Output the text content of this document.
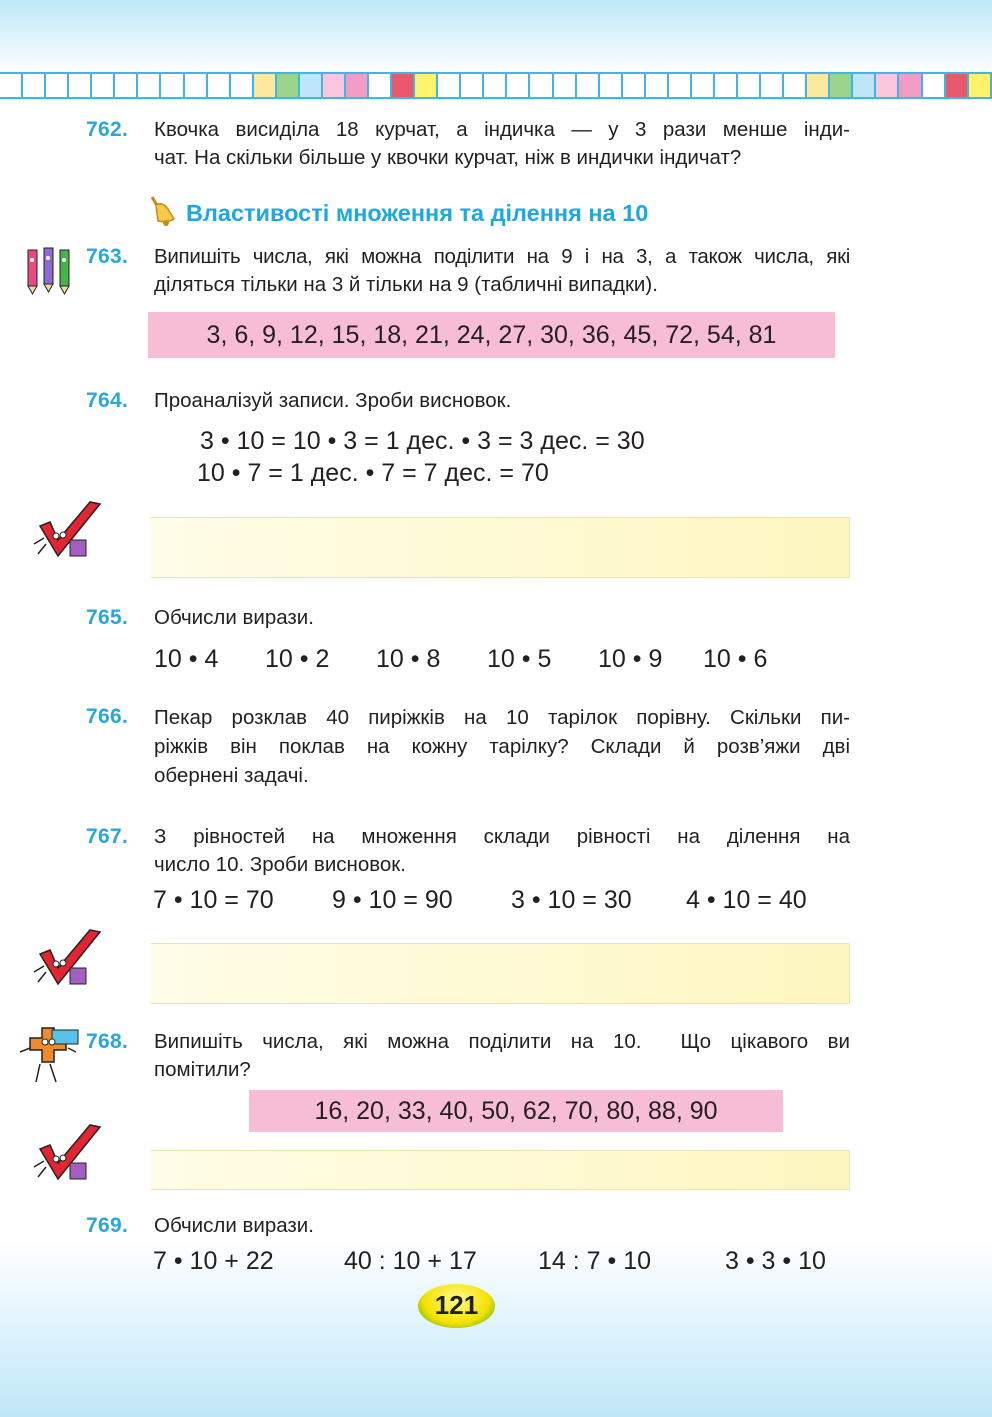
762. Квочка висиділа 18 курчат, а індичка — у 3 рази менше інди-
чат. На скільки більше у квочки курчат, ніж в индички індичат?
Властивості множення та ділення на 10
763. Випишіть числа, які можна поділити на 9 і на 3, а також числа, які
діляться тільки на 3 й тільки на 9 (табличні випадки).
3, 6, 9, 12, 15, 18, 21, 24, 27, 30, 36, 45, 72, 54, 81
764. Проаналізуй записи. Зроби висновок.
3 • 10 = 10 • 3 = 1 дес. • 3 = 3 дес. = 30
10 • 7 = 1 дес. • 7 = 7 дес. = 70
765. Обчисли вирази.
10 • 4 10 • 2 10 • 8 10 • 5 10 • 9 10 • 6
766. Пекар розклав 40 пиріжків на 10 тарілок порівну. Скільки пи-
ріжків він поклав на кожну тарілку? Склади й розв’яжи дві
обернені задачі.
767. З рівностей на множення склади рівності на ділення на
число 10. Зроби висновок.
7 • 10 = 70 9 • 10 = 90 3 • 10 = 30 4 • 10 = 40
768. Випишіть числа, які можна поділити на 10.  Що цікавого ви
помітили?
16, 20, 33, 40, 50, 62, 70, 80, 88, 90
769. Обчисли вирази.
7 • 10 + 22	40 : 10 + 17 14 : 7 • 10	3 • 3 • 10
121
